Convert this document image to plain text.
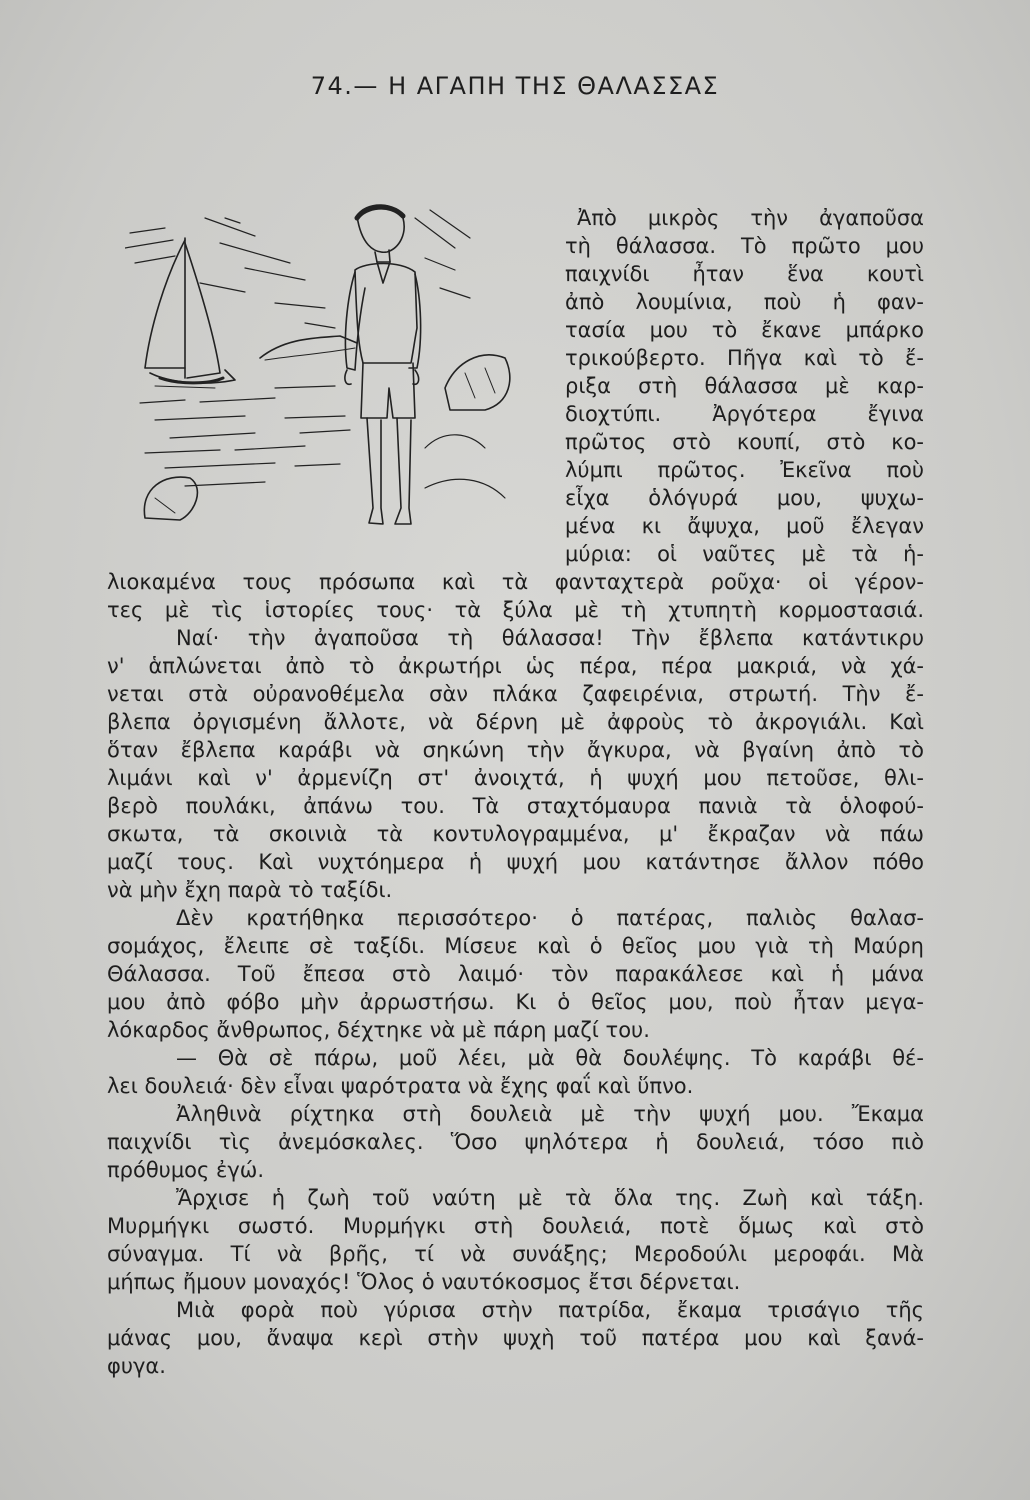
74.— Η ΑΓΑΠΗ ΤΗΣ ΘΑΛΑΣΣΑΣ

Ἀπὸ μικρὸς τὴν ἀγαποῦσα

τὴ θάλασσα. Τὸ πρῶτο μου

παιχνίδι ἦταν ἕνα κουτὶ

ἀπὸ λουμίνια, ποὺ ἡ φαν-

τασία μου τὸ ἔκανε μπάρκο

τρικούβερτο. Πῆγα καὶ τὸ ἔ-

ριξα στὴ θάλασσα μὲ καρ-

διοχτύπι. Ἀργότερα ἔγινα

πρῶτος στὸ κουπί, στὸ κο-

λύμπι πρῶτος. Ἐκεῖνα ποὺ

εἶχα ὁλόγυρά μου, ψυχω-

μένα κι ἄψυχα, μοῦ ἔλεγαν

μύρια: οἱ ναῦτες μὲ τὰ ἡ-

λιοκαμένα τους πρόσωπα καὶ τὰ φανταχτερὰ ροῦχα· οἱ γέρον-

τες μὲ τὶς ἱστορίες τους· τὰ ξύλα μὲ τὴ χτυπητὴ κορμοστασιά.

Ναί· τὴν ἀγαποῦσα τὴ θάλασσα! Τὴν ἔβλεπα κατάντικρυ

ν' ἁπλώνεται ἀπὸ τὸ ἀκρωτήρι ὡς πέρα, πέρα μακριά, νὰ χά-

νεται στὰ οὐρανοθέμελα σὰν πλάκα ζαφειρένια, στρωτή. Τὴν ἔ-

βλεπα ὀργισμένη ἄλλοτε, νὰ δέρνη μὲ ἀφροὺς τὸ ἀκρογιάλι. Καὶ

ὅταν ἔβλεπα καράβι νὰ σηκώνη τὴν ἄγκυρα, νὰ βγαίνη ἀπὸ τὸ

λιμάνι καὶ ν' ἀρμενίζη στ' ἀνοιχτά, ἡ ψυχή μου πετοῦσε, θλι-

βερὸ πουλάκι, ἀπάνω του. Τὰ σταχτόμαυρα πανιὰ τὰ ὁλοφού-

σκωτα, τὰ σκοινιὰ τὰ κοντυλογραμμένα, μ' ἔκραζαν νὰ πάω

μαζί τους. Καὶ νυχτόημερα ἡ ψυχή μου κατάντησε ἄλλον πόθο

νὰ μὴν ἔχη παρὰ τὸ ταξίδι.

Δὲν κρατήθηκα περισσότερο· ὁ πατέρας, παλιὸς θαλασ-

σομάχος, ἔλειπε σὲ ταξίδι. Μίσευε καὶ ὁ θεῖος μου γιὰ τὴ Μαύρη

Θάλασσα. Τοῦ ἔπεσα στὸ λαιμό· τὸν παρακάλεσε καὶ ἡ μάνα

μου ἀπὸ φόβο μὴν ἀρρωστήσω. Κι ὁ θεῖος μου, ποὺ ἦταν μεγα-

λόκαρδος ἄνθρωπος, δέχτηκε νὰ μὲ πάρη μαζί του.

— Θὰ σὲ πάρω, μοῦ λέει, μὰ θὰ δουλέψης. Τὸ καράβι θέ-

λει δουλειά· δὲν εἶναι ψαρότρατα νὰ ἔχης φαΐ καὶ ὕπνο.

Ἀληθινὰ ρίχτηκα στὴ δουλειὰ μὲ τὴν ψυχή μου. Ἔκαμα

παιχνίδι τὶς ἀνεμόσκαλες. Ὅσο ψηλότερα ἡ δουλειά, τόσο πιὸ

πρόθυμος ἐγώ.

Ἄρχισε ἡ ζωὴ τοῦ ναύτη μὲ τὰ ὅλα της. Ζωὴ καὶ τάξη.

Μυρμήγκι σωστό. Μυρμήγκι στὴ δουλειά, ποτὲ ὅμως καὶ στὸ

σύναγμα. Τί νὰ βρῆς, τί νὰ συνάξης; Μεροδούλι μεροφάι. Μὰ

μήπως ἤμουν μοναχός! Ὅλος ὁ ναυτόκοσμος ἔτσι δέρνεται.

Μιὰ φορὰ ποὺ γύρισα στὴν πατρίδα, ἔκαμα τρισάγιο τῆς

μάνας μου, ἄναψα κερὶ στὴν ψυχὴ τοῦ πατέρα μου καὶ ξανά-

φυγα.
